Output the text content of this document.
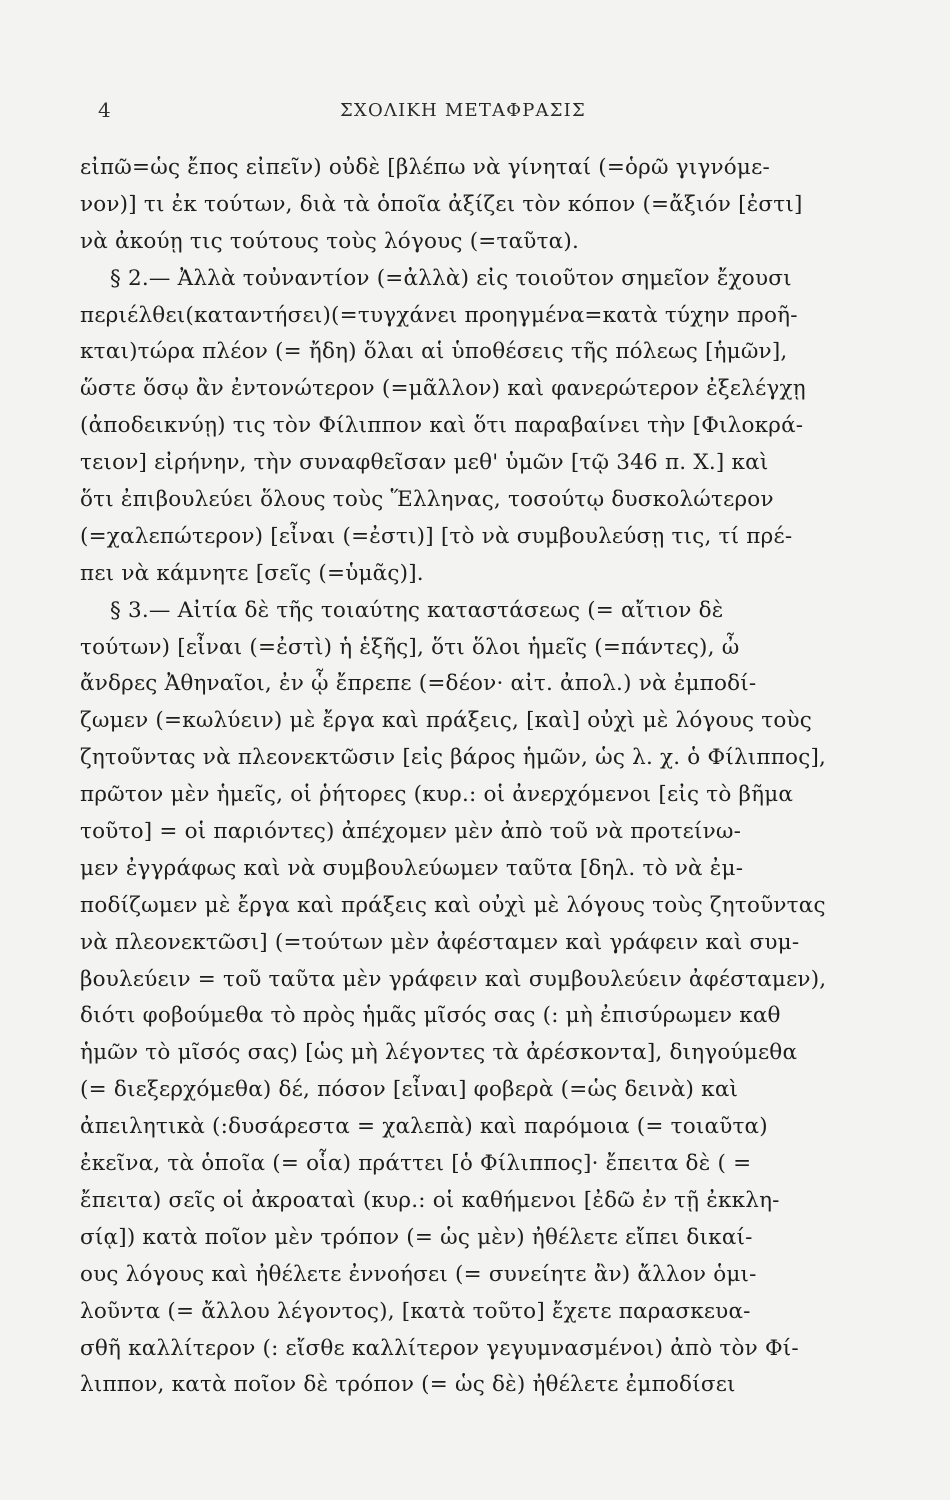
4	ΣΧΟΛΙΚΗ ΜΕΤΑΦΡΑΣΙΣ
εἰπῶ=ὡς ἔπος εἰπεῖν) οὐδὲ [βλέπω νὰ γίνηταί (=ὁρῶ γιγνόμε-
νον)] τι ἐκ τούτων, διὰ τὰ ὁποῖα ἀξίζει τὸν κόπον (=ἄξιόν [ἐστι]
νὰ ἀκούῃ τις τούτους τοὺς λόγους (=ταῦτα).
§ 2.— Ἀλλὰ τοὐναντίον (=ἀλλὰ) εἰς τοιοῦτον σημεῖον ἔχουσι
περιέλθει(καταντήσει)(=τυγχάνει προηγμένα=κατὰ τύχην προῆ-
κται)τώρα πλέον (= ἤδη) ὅλαι αἱ ὑποθέσεις τῆς πόλεως [ἡμῶν],
ὥστε ὅσῳ ἂν ἐντονώτερον (=μᾶλλον) καὶ φανερώτερον ἐξελέγχῃ
(ἀποδεικνύῃ) τις τὸν Φίλιππον καὶ ὅτι παραβαίνει τὴν [Φιλοκρά-
τειον] εἰρήνην, τὴν συναφθεῖσαν μεθ' ὑμῶν [τῷ 346 π. Χ.] καὶ
ὅτι ἐπιβουλεύει ὅλους τοὺς Ἕλληνας, τοσούτῳ δυσκολώτερον
(=χαλεπώτερον) [εἶναι (=ἐστι)] [τὸ νὰ συμβουλεύσῃ τις, τί πρέ-
πει νὰ κάμνητε [σεῖς (=ὑμᾶς)].
§ 3.— Αἰτία δὲ τῆς τοιαύτης καταστάσεως (= αἴτιον δὲ
τούτων) [εἶναι (=ἐστὶ) ἡ ἑξῆς], ὅτι ὅλοι ἡμεῖς (=πάντες), ὦ
ἄνδρες Ἀθηναῖοι, ἐν ᾧ ἔπρεπε (=δέον· αἰτ. ἀπολ.) νὰ ἐμποδί-
ζωμεν (=κωλύειν) μὲ ἔργα καὶ πράξεις, [καὶ] οὐχὶ μὲ λόγους τοὺς
ζητοῦντας νὰ πλεονεκτῶσιν [εἰς βάρος ἡμῶν, ὡς λ. χ. ὁ Φίλιππος],
πρῶτον μὲν ἡμεῖς, οἱ ῥήτορες (κυρ.: οἱ ἀνερχόμενοι [εἰς τὸ βῆμα
τοῦτο] = οἱ παριόντες) ἀπέχομεν μὲν ἀπὸ τοῦ νὰ προτείνω-
μεν ἐγγράφως καὶ νὰ συμβουλεύωμεν ταῦτα [δηλ. τὸ νὰ ἐμ-
ποδίζωμεν μὲ ἔργα καὶ πράξεις καὶ οὐχὶ μὲ λόγους τοὺς ζητοῦντας
νὰ πλεονεκτῶσι] (=τούτων μὲν ἀφέσταμεν καὶ γράφειν καὶ συμ-
βουλεύειν = τοῦ ταῦτα μὲν γράφειν καὶ συμβουλεύειν ἀφέσταμεν),
διότι φοβούμεθα τὸ πρὸς ἡμᾶς μῖσός σας (: μὴ ἐπισύρωμεν καθ
ἡμῶν τὸ μῖσός σας) [ὡς μὴ λέγοντες τὰ ἀρέσκοντα], διηγούμεθα
(= διεξερχόμεθα) δέ, πόσον [εἶναι] φοβερὰ (=ὡς δεινὰ) καὶ
ἀπειλητικὰ (:δυσάρεστα = χαλεπὰ) καὶ παρόμοια (= τοιαῦτα)
ἐκεῖνα, τὰ ὁποῖα (= οἷα) πράττει [ὁ Φίλιππος]· ἔπειτα δὲ ( =
ἔπειτα) σεῖς οἱ ἀκροαταὶ (κυρ.: οἱ καθήμενοι [ἐδῶ ἐν τῇ ἐκκλη-
σίᾳ]) κατὰ ποῖον μὲν τρόπον (= ὡς μὲν) ἠθέλετε εἴπει δικαί-
ους λόγους καὶ ἠθέλετε ἐννοήσει (= συνείητε ἂν) ἄλλον ὁμι-
λοῦντα (= ἄλλου λέγοντος), [κατὰ τοῦτο] ἔχετε παρασκευα-
σθῆ καλλίτερον (: εἴσθε καλλίτερον γεγυμνασμένοι) ἀπὸ τὸν Φί-
λιππον, κατὰ ποῖον δὲ τρόπον (= ὡς δὲ) ἠθέλετε ἐμποδίσει
